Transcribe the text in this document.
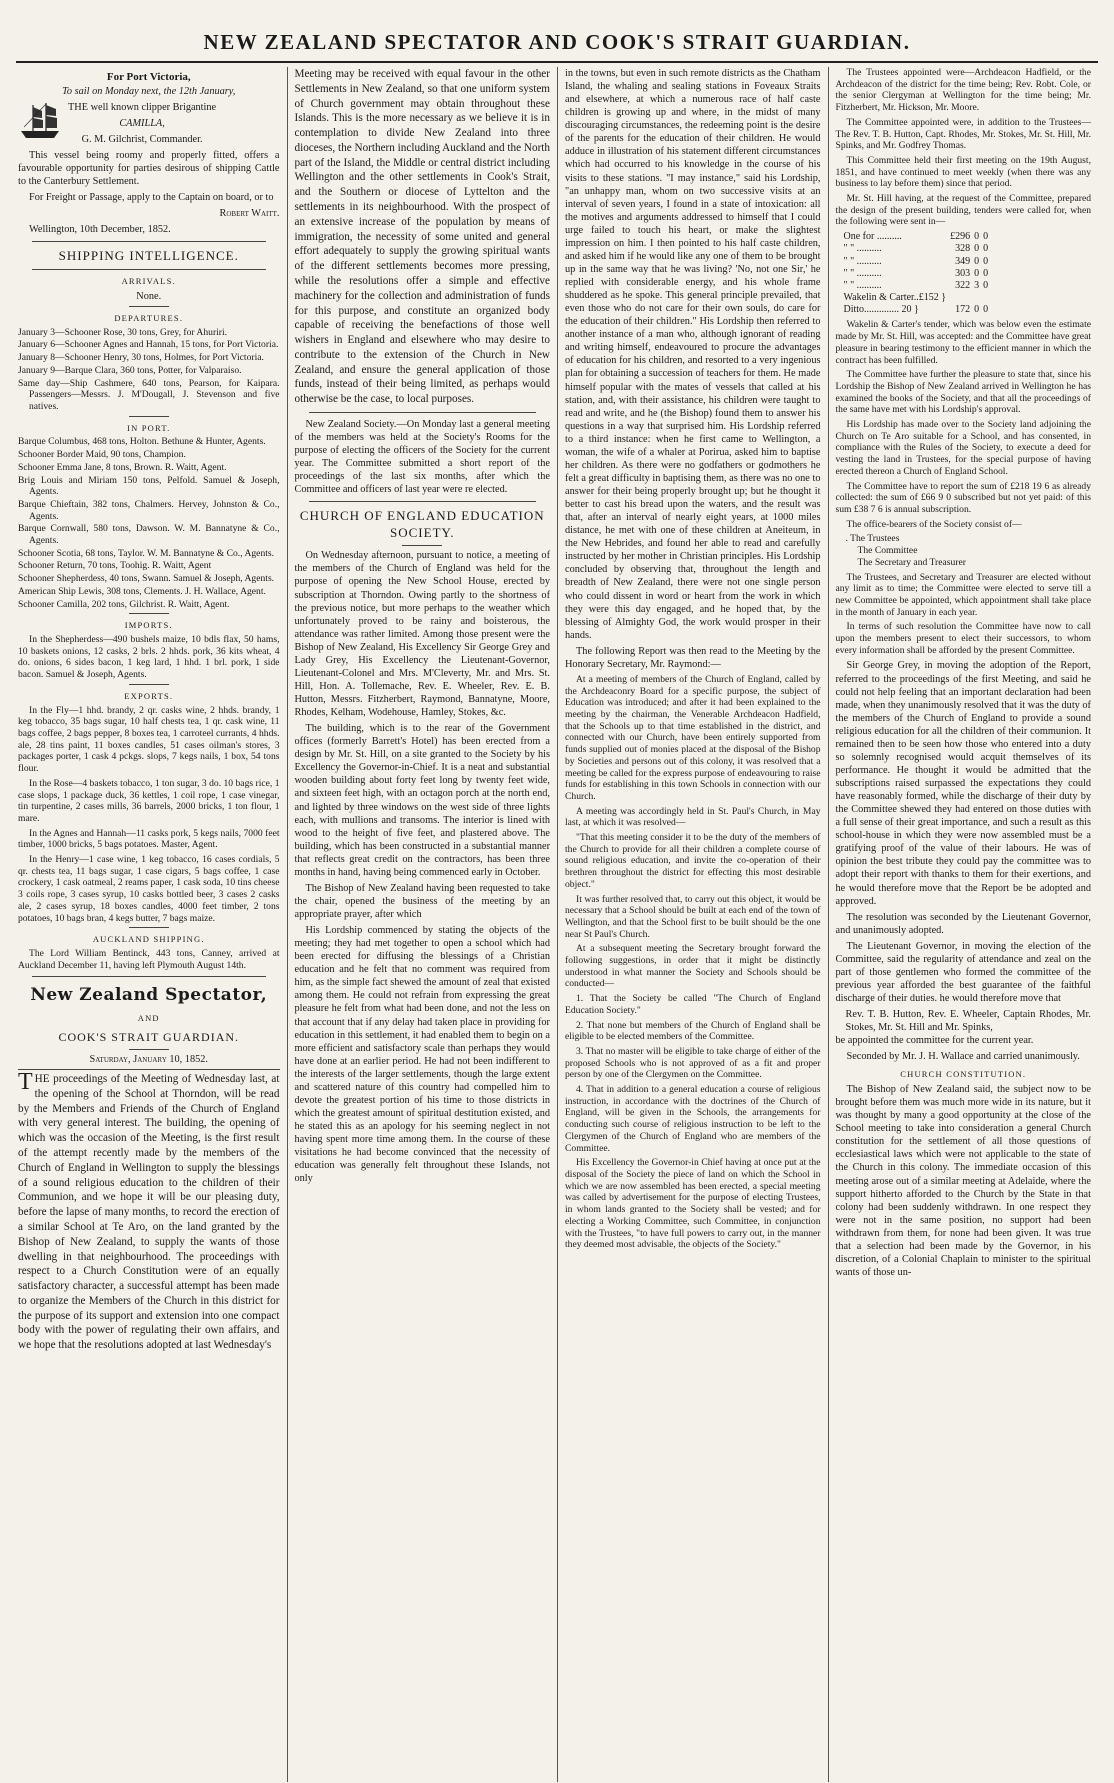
NEW ZEALAND SPECTATOR AND COOK'S STRAIT GUARDIAN.
For Port Victoria,
To sail on Monday next, the 12th January,

THE well known clipper Brigantine

CAMILLA,

G. M. Gilchrist, Commander.

This vessel being roomy and properly fitted, offers a favourable opportunity for parties desirous of shipping Cattle to the Canterbury Settlement.

For Freight or Passage, apply to the Captain on board, or to

Robert Waitt.

Wellington, 10th December, 1852.

SHIPPING INTELLIGENCE.
ARRIVALS.

None.

DEPARTURES.

January 3—Schooner Rose, 30 tons, Grey, for Ahuriri.

January 6—Schooner Agnes and Hannah, 15 tons, for Port Victoria.

January 8—Schooner Henry, 30 tons, Holmes, for Port Victoria.

January 9—Barque Clara, 360 tons, Potter, for Valparaiso.

Same day—Ship Cashmere, 640 tons, Pearson, for Kaipara. Passengers—Messrs. J. M'Dougall, J. Stevenson and five natives.

IN PORT.

Barque Columbus, 468 tons, Holton. Bethune & Hunter, Agents.

Schooner Border Maid, 90 tons, Champion.

Schooner Emma Jane, 8 tons, Brown. R. Waitt, Agent.

Brig Louis and Miriam 150 tons, Pelfold. Samuel & Joseph, Agents.

Barque Chieftain, 382 tons, Chalmers. Hervey, Johnston & Co., Agents.

Barque Cornwall, 580 tons, Dawson. W. M. Bannatyne & Co., Agents.

Schooner Scotia, 68 tons, Taylor. W. M. Bannatyne & Co., Agents.

Schooner Return, 70 tons, Toohig. R. Waitt, Agent

Schooner Shepherdess, 40 tons, Swann. Samuel & Joseph, Agents.

American Ship Lewis, 308 tons, Clements. J. H. Wallace, Agent.

Schooner Camilla, 202 tons, Gilchrist. R. Waitt, Agent.

IMPORTS.

In the Shepherdess—490 bushels maize, 10 bdls flax, 50 hams, 10 baskets onions, 12 casks, 2 brls. 2 hhds. pork, 36 kits wheat, 4 do. onions, 6 sides bacon, 1 keg lard, 1 hhd. 1 brl. pork, 1 side bacon. Samuel & Joseph, Agents.

EXPORTS.

In the Fly—1 hhd. brandy, 2 qr. casks wine, 2 hhds. brandy, 1 keg tobacco, 35 bags sugar, 10 half chests tea, 1 qr. cask wine, 11 bags coffee, 2 bags pepper, 8 boxes tea, 1 carroteel currants, 4 hhds. ale, 28 tins paint, 11 boxes candles, 51 cases oilman's stores, 3 packages porter, 1 cask 4 pckgs. slops, 7 kegs nails, 1 box, 54 tons flour.

In the Rose—4 baskets tobacco, 1 ton sugar, 3 do. 10 bags rice, 1 case slops, 1 package duck, 36 kettles, 1 coil rope, 1 case vinegar, tin turpentine, 2 cases mills, 36 barrels, 2000 bricks, 1 ton flour, 1 mare.

In the Agnes and Hannah—11 casks pork, 5 kegs nails, 7000 feet timber, 1000 bricks, 5 bags potatoes. Master, Agent.

In the Henry—1 case wine, 1 keg tobacco, 16 cases cordials, 5 qr. chests tea, 11 bags sugar, 1 case cigars, 5 bags coffee, 1 case crockery, 1 cask oatmeal, 2 reams paper, 1 cask soda, 10 tins cheese 3 coils rope, 3 cases syrup, 10 casks bottled beer, 3 cases 2 casks ale, 2 cases syrup, 18 boxes candles, 4000 feet timber, 2 tons potatoes, 10 bags bran, 4 kegs butter, 7 bags maize.

AUCKLAND SHIPPING.

The Lord William Bentinck, 443 tons, Canney, arrived at Auckland December 11, having left Plymouth August 14th.

New Zealand Spectator,
AND
COOK'S STRAIT GUARDIAN.

Saturday, January 10, 1852.

THE proceedings of the Meeting of Wednesday last, at the opening of the School at Thorndon, will be read by the Members and Friends of the Church of England with very general interest. The building, the opening of which was the occasion of the Meeting, is the first result of the attempt recently made by the members of the Church of England in Wellington to supply the blessings of a sound religious education to the children of their Communion, and we hope it will be our pleasing duty, before the lapse of many months, to record the erection of a similar School at Te Aro, on the land granted by the Bishop of New Zealand, to supply the wants of those dwelling in that neighbourhood. The proceedings with respect to a Church Constitution were of an equally satisfactory character, a successful attempt has been made to organize the Members of the Church in this district for the purpose of its support and extension into one compact body with the power of regulating their own affairs, and we hope that the resolutions adopted at last Wednesday's

Meeting may be received with equal favour in the other Settlements in New Zealand, so that one uniform system of Church government may obtain throughout these Islands. This is the more necessary as we believe it is in contemplation to divide New Zealand into three dioceses, the Northern including Auckland and the North part of the Island, the Middle or central district including Wellington and the other settlements in Cook's Strait, and the Southern or diocese of Lyttelton and the settlements in its neighbourhood. With the prospect of an extensive increase of the population by means of immigration, the necessity of some united and general effort adequately to supply the growing spiritual wants of the different settlements becomes more pressing, while the resolutions offer a simple and effective machinery for the collection and administration of funds for this purpose, and constitute an organized body capable of receiving the benefactions of those well wishers in England and elsewhere who may desire to contribute to the extension of the Church in New Zealand, and ensure the general application of those funds, instead of their being limited, as perhaps would otherwise be the case, to local purposes.

New Zealand Society.—On Monday last a general meeting of the members was held at the Society's Rooms for the purpose of electing the officers of the Society for the current year. The Committee submitted a short report of the proceedings of the last six months, after which the Committee and officers of last year were re elected.

CHURCH OF ENGLAND EDUCATION SOCIETY.

On Wednesday afternoon, pursuant to notice, a meeting of the members of the Church of England was held for the purpose of opening the New School House, erected by subscription at Thorndon. Owing partly to the shortness of the previous notice, but more perhaps to the weather which unfortunately proved to be rainy and boisterous, the attendance was rather limited. Among those present were the Bishop of New Zealand, His Excellency Sir George Grey and Lady Grey, His Excellency the Lieutenant-Governor, Lieutenant-Colonel and Mrs. M'Cleverty, Mr. and Mrs. St. Hill, Hon. A. Tollemache, Rev. E. Wheeler, Rev. E. B. Hutton, Messrs. Fitzherbert, Raymond, Bannatyne, Moore, Rhodes, Kelham, Wodehouse, Hamley, Stokes, &c.

The building, which is to the rear of the Government offices (formerly Barrett's Hotel) has been erected from a design by Mr. St. Hill, on a site granted to the Society by his Excellency the Governor-in-Chief. It is a neat and substantial wooden building about forty feet long by twenty feet wide, and sixteen feet high, with an octagon porch at the north end, and lighted by three windows on the west side of three lights each, with mullions and transoms. The interior is lined with wood to the height of five feet, and plastered above. The building, which has been constructed in a substantial manner that reflects great credit on the contractors, has been three months in hand, having being commenced early in October.

The Bishop of New Zealand having been requested to take the chair, opened the business of the meeting by an appropriate prayer, after which

His Lordship commenced by stating the objects of the meeting; they had met together to open a school which had been erected for diffusing the blessings of a Christian education and he felt that no comment was required from him, as the simple fact shewed the amount of zeal that existed among them. He could not refrain from expressing the great pleasure he felt from what had been done, and not the less on that account that if any delay had taken place in providing for education in this settlement, it had enabled them to begin on a more efficient and satisfactory scale than perhaps they would have done at an earlier period. He had not been indifferent to the interests of the larger settlements, though the large extent and scattered nature of this country had compelled him to devote the greatest portion of his time to those districts in which the greatest amount of spiritual destitution existed, and he stated this as an apology for his seeming neglect in not having spent more time among them. In the course of these visitations he had become convinced that the necessity of education was generally felt throughout these Islands, not only

in the towns, but even in such remote districts as the Chatham Island, the whaling and sealing stations in Foveaux Straits and elsewhere, at which a numerous race of half caste children is growing up and where, in the midst of many discouraging circumstances, the redeeming point is the desire of the parents for the education of their children. He would adduce in illustration of his statement different circumstances which had occurred to his knowledge in the course of his visits to these stations. "I may instance," said his Lordship, "an unhappy man, whom on two successive visits at an interval of seven years, I found in a state of intoxication: all the motives and arguments addressed to himself that I could urge failed to touch his heart, or make the slightest impression on him. I then pointed to his half caste children, and asked him if he would like any one of them to be brought up in the same way that he was living? 'No, not one Sir,' he replied with considerable energy, and his whole frame shuddered as he spoke. This general principle prevailed, that even those who do not care for their own souls, do care for the education of their children." His Lordship then referred to another instance of a man who, although ignorant of reading and writing himself, endeavoured to procure the advantages of education for his children, and resorted to a very ingenious plan for obtaining a succession of teachers for them. He made himself popular with the mates of vessels that called at his station, and, with their assistance, his children were taught to read and write, and he (the Bishop) found them to answer his questions in a way that surprised him. His Lordship referred to a third instance: when he first came to Wellington, a woman, the wife of a whaler at Porirua, asked him to baptise her children. As there were no godfathers or godmothers he felt a great difficulty in baptising them, as there was no one to answer for their being properly brought up; but he thought it better to cast his bread upon the waters, and the result was that, after an interval of nearly eight years, at 1000 miles distance, he met with one of these children at Aneiteum, in the New Hebrides, and found her able to read and carefully instructed by her mother in Christian principles. His Lordship concluded by observing that, throughout the length and breadth of New Zealand, there were not one single person who could dissent in word or heart from the work in which they were this day engaged, and he hoped that, by the blessing of Almighty God, the work would prosper in their hands.

The following Report was then read to the Meeting by the Honorary Secretary, Mr. Raymond:—

At a meeting of members of the Church of England, called by the Archdeaconry Board for a specific purpose, the subject of Education was introduced; and after it had been explained to the meeting by the chairman, the Venerable Archdeacon Hadfield, that the Schools up to that time established in the district, and connected with our Church, have been entirely supported from funds supplied out of monies placed at the disposal of the Bishop by Societies and persons out of this colony, it was resolved that a meeting be called for the express purpose of endeavouring to raise funds for establishing in this town Schools in connection with our Church.

A meeting was accordingly held in St. Paul's Church, in May last, at which it was resolved—

"That this meeting consider it to be the duty of the members of the Church to provide for all their children a complete course of sound religious education, and invite the co-operation of their brethren throughout the district for effecting this most desirable object."

It was further resolved that, to carry out this object, it would be necessary that a School should be built at each end of the town of Wellington, and that the School first to be built should be the one near St Paul's Church.

At a subsequent meeting the Secretary brought forward the following suggestions, in order that it might be distinctly understood in what manner the Society and Schools should be conducted—

1. That the Society be called "The Church of England Education Society."

2. That none but members of the Church of England shall be eligible to be elected members of the Committee.

3. That no master will be eligible to take charge of either of the proposed Schools who is not approved of as a fit and proper person by one of the Clergymen on the Committee.

4. That in addition to a general education a course of religious instruction, in accordance with the doctrines of the Church of England, will be given in the Schools, the arrangements for conducting such course of religious instruction to be left to the Clergymen of the Church of England who are members of the Committee.

His Excellency the Governor-in Chief having at once put at the disposal of the Society the piece of land on which the School in which we are now assembled has been erected, a special meeting was called by advertisement for the purpose of electing Trustees, in whom lands granted to the Society shall be vested; and for electing a Working Committee, such Committee, in conjunction with the Trustees, "to have full powers to carry out, in the manner they deemed most advisable, the objects of the Society."

The Trustees appointed were—Archdeacon Hadfield, or the Archdeacon of the district for the time being; Rev. Robt. Cole, or the senior Clergyman at Wellington for the time being; Mr. Fitzherbert, Mr. Hickson, Mr. Moore.

The Committee appointed were, in addition to the Trustees—The Rev. T. B. Hutton, Capt. Rhodes, Mr. Stokes, Mr. St. Hill, Mr. Spinks, and Mr. Godfrey Thomas.

This Committee held their first meeting on the 19th August, 1851, and have continued to meet weekly (when there was any business to lay before them) since that period.

Mr. St. Hill having, at the request of the Committee, prepared the design of the present building, tenders were called for, when the following were sent in—

One for ..........	£296	0	0
" " ..........	328	0	0
" " ..........	349	0	0
" " ..........	303	0	0
" " ..........	322	3	0
Wakelin & Carter..£152 }			
Ditto.............. 20 }	172	0	0

Wakelin & Carter's tender, which was below even the estimate made by Mr. St. Hill, was accepted: and the Committee have great pleasure in bearing testimony to the efficient manner in which the contract has been fulfilled.

The Committee have further the pleasure to state that, since his Lordship the Bishop of New Zealand arrived in Wellington he has examined the books of the Society, and that all the proceedings of the same have met with his Lordship's approval.

His Lordship has made over to the Society land adjoining the Church on Te Aro suitable for a School, and has consented, in compliance with the Rules of the Society, to execute a deed for vesting the land in Trustees, for the special purpose of having erected thereon a Church of England School.

The Committee have to report the sum of £218 19 6 as already collected: the sum of £66 9 0 subscribed but not yet paid: of this sum £38 7 6 is annual subscription.

The office-bearers of the Society consist of—

. The Trustees

The Committee

The Secretary and Treasurer

The Trustees, and Secretary and Treasurer are elected without any limit as to time; the Committee were elected to serve till a new Committee be appointed, which appointment shall take place in the month of January in each year.

In terms of such resolution the Committee have now to call upon the members present to elect their successors, to whom every information shall be afforded by the present Committee.

Sir George Grey, in moving the adoption of the Report, referred to the proceedings of the first Meeting, and said he could not help feeling that an important declaration had been made, when they unanimously resolved that it was the duty of the members of the Church of England to provide a sound religious education for all the children of their communion. It remained then to be seen how those who entered into a duty so solemnly recognised would acquit themselves of its performance. He thought it would be admitted that the subscriptions raised surpassed the expectations they could have reasonably formed, while the discharge of their duty by the Committee shewed they had entered on those duties with a full sense of their great importance, and such a result as this school-house in which they were now assembled must be a gratifying proof of the value of their labours. He was of opinion the best tribute they could pay the committee was to adopt their report with thanks to them for their exertions, and he would therefore move that the Report be be adopted and approved.

The resolution was seconded by the Lieutenant Governor, and unanimously adopted.

The Lieutenant Governor, in moving the election of the Committee, said the regularity of attendance and zeal on the part of those gentlemen who formed the committee of the previous year afforded the best guarantee of the faithful discharge of their duties. he would therefore move that

Rev. T. B. Hutton, Rev. E. Wheeler, Captain Rhodes, Mr. Stokes, Mr. St. Hill and Mr. Spinks,

be appointed the committee for the current year.

Seconded by Mr. J. H. Wallace and carried unanimously.

CHURCH CONSTITUTION.

The Bishop of New Zealand said, the subject now to be brought before them was much more wide in its nature, but it was thought by many a good opportunity at the close of the School meeting to take into consideration a general Church constitution for the settlement of all those questions of ecclesiastical laws which were not applicable to the state of the Church in this colony. The immediate occasion of this meeting arose out of a similar meeting at Adelaide, where the support hitherto afforded to the Church by the State in that colony had been suddenly withdrawn. In one respect they were not in the same position, no support had been withdrawn from them, for none had been given. It was true that a selection had been made by the Governor, in his discretion, of a Colonial Chaplain to minister to the spiritual wants of those un-
